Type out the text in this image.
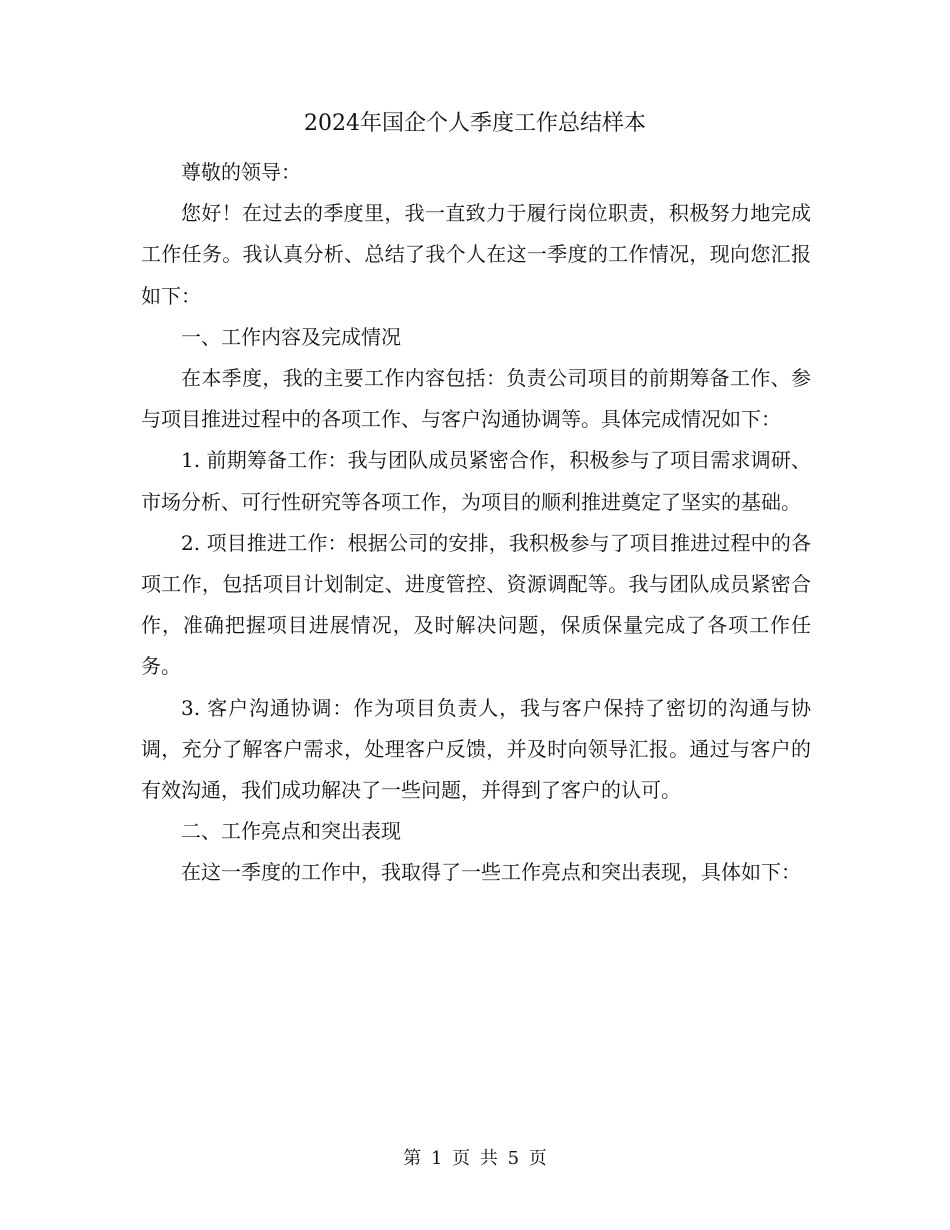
2024年国企个人季度工作总结样本

尊敬的领导：

您好！在过去的季度里，我一直致力于履行岗位职责，积极努力地完成工作任务。我认真分析、总结了我个人在这一季度的工作情况，现向您汇报如下：

一、工作内容及完成情况

在本季度，我的主要工作内容包括：负责公司项目的前期筹备工作、参与项目推进过程中的各项工作、与客户沟通协调等。具体完成情况如下：

1. 前期筹备工作：我与团队成员紧密合作，积极参与了项目需求调研、市场分析、可行性研究等各项工作，为项目的顺利推进奠定了坚实的基础。

2. 项目推进工作：根据公司的安排，我积极参与了项目推进过程中的各项工作，包括项目计划制定、进度管控、资源调配等。我与团队成员紧密合作，准确把握项目进展情况，及时解决问题，保质保量完成了各项工作任务。

3. 客户沟通协调：作为项目负责人，我与客户保持了密切的沟通与协调，充分了解客户需求，处理客户反馈，并及时向领导汇报。通过与客户的有效沟通，我们成功解决了一些问题，并得到了客户的认可。

二、工作亮点和突出表现

在这一季度的工作中，我取得了一些工作亮点和突出表现，具体如下：

第 1 页 共 5 页
